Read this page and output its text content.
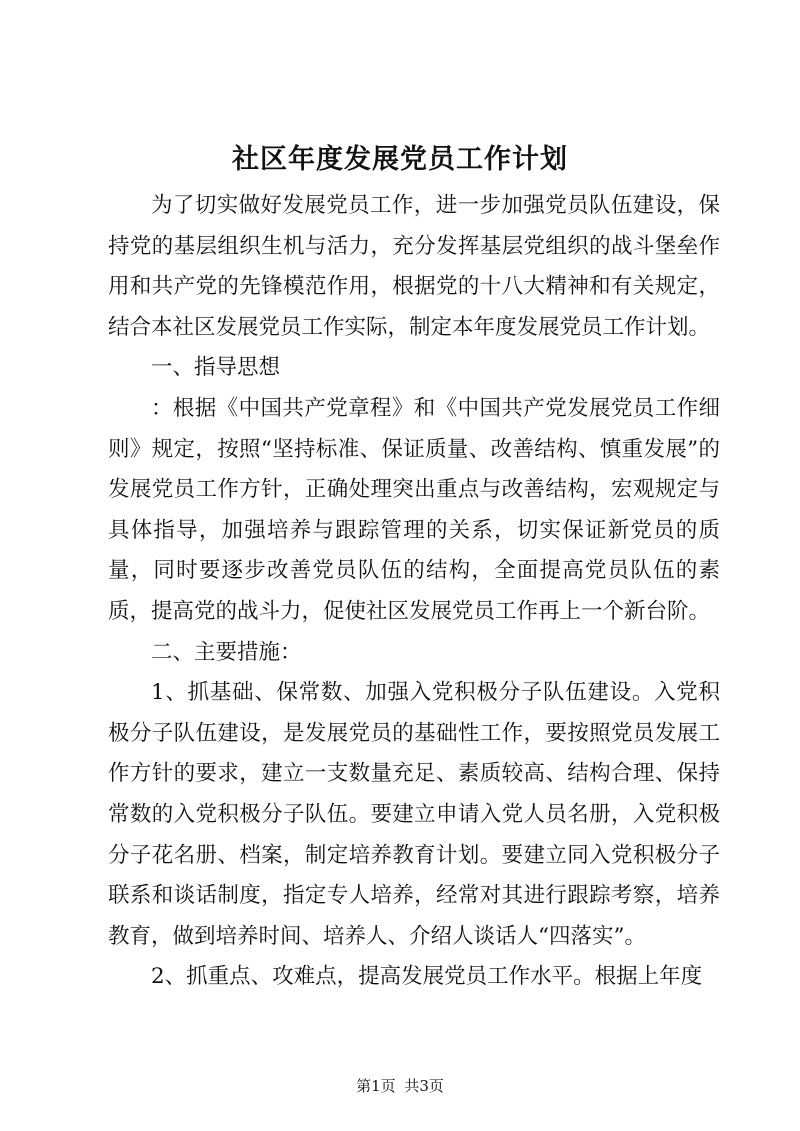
社区年度发展党员工作计划

为了切实做好发展党员工作，进一步加强党员队伍建设，保持党的基层组织生机与活力，充分发挥基层党组织的战斗堡垒作用和共产党的先锋模范作用，根据党的十八大精神和有关规定，结合本社区发展党员工作实际，制定本年度发展党员工作计划。

一、指导思想

：根据《中国共产党章程》和《中国共产党发展党员工作细则》规定，按照“坚持标准、保证质量、改善结构、慎重发展”的发展党员工作方针，正确处理突出重点与改善结构，宏观规定与具体指导，加强培养与跟踪管理的关系，切实保证新党员的质量，同时要逐步改善党员队伍的结构，全面提高党员队伍的素质，提高党的战斗力，促使社区发展党员工作再上一个新台阶。

二、主要措施：

1、抓基础、保常数、加强入党积极分子队伍建设。入党积极分子队伍建设，是发展党员的基础性工作，要按照党员发展工作方针的要求，建立一支数量充足、素质较高、结构合理、保持常数的入党积极分子队伍。要建立申请入党人员名册，入党积极分子花名册、档案，制定培养教育计划。要建立同入党积极分子联系和谈话制度，指定专人培养，经常对其进行跟踪考察，培养教育，做到培养时间、培养人、介绍人谈话人“四落实”。

2、抓重点、攻难点，提高发展党员工作水平。根据上年度

第1页 共3页
